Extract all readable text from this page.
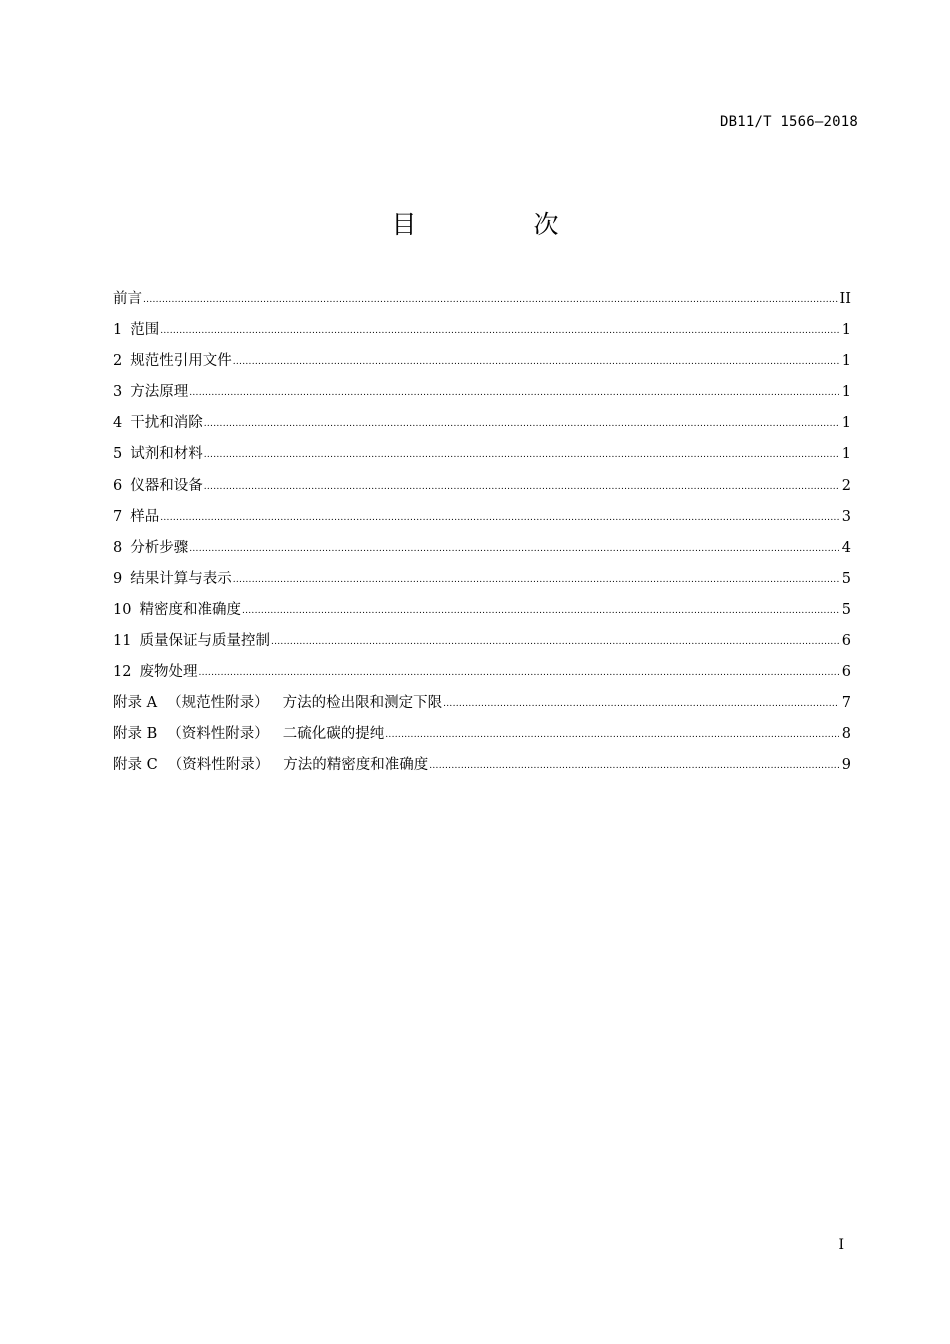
DB11/T 1566—2018
目　次
前言 .....	II
1 范围 .....	1
2 规范性引用文件 .....	1
3 方法原理 .....	1
4 干扰和消除 .....	1
5 试剂和材料 .....	1
6 仪器和设备 .....	2
7 样品 .....	3
8 分析步骤 .....	4
9 结果计算与表示 .....	5
10 精密度和准确度 .....	5
11 质量保证与质量控制 .....	6
12 废物处理 .....	6
附录 A （规范性附录） 方法的检出限和测定下限 .....	7
附录 B （资料性附录） 二硫化碳的提纯 .....	8
附录 C （资料性附录） 方法的精密度和准确度 .....	9
I
